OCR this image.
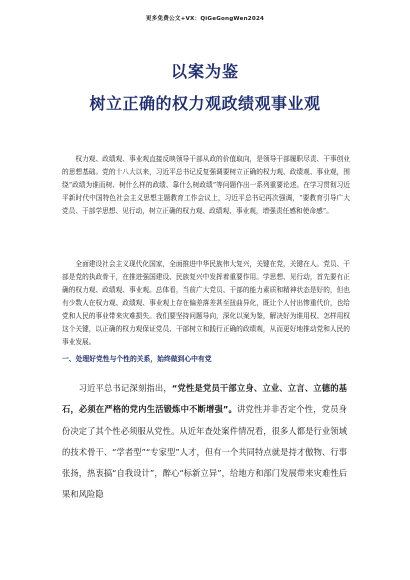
更多免费公文+VX：QiGeGongWen2024
以案为鉴
树立正确的权力观政绩观事业观

权力观、政绩观、事业观直接反映领导干部从政的价值取向，是领导干部履职尽责、干事创业的思想基础。党的十八大以来，习近平总书记反复强调要树立正确的权力观、政绩观、事业观，围绕“政绩为谁而树、树什么样的政绩、靠什么树政绩”等问题作出一系列重要论述。在学习贯彻习近平新时代中国特色社会主义思想主题教育工作会议上，习近平总书记再次强调，“要教育引导广大党员、干部学思想、见行动，树立正确的权力观、政绩观、事业观，增强责任感和使命感”。

全面建设社会主义现代化国家，全面推进中华民族伟大复兴，关键在党，关键在人。党员、干部是党的执政骨干，在推进强国建设、民族复兴中发挥着重要作用。学思想、见行动，首先要有正确的权力观、政绩观、事业观。总体看，当前广大党员、干部的能力素质和精神状态是好的，但也有少数人在权力观、政绩观、事业观上存在偏差落差甚至扭曲异化，既让个人付出惨重代价，也给党和人民的事业带来灾难损失。我们要坚持问题导向，深化以案为鉴，解决好为谁用权、怎样用权这个关键，以正确的权力观保证党员、干部树立和践行正确的政绩观，从而更好地推动党和人民的事业发展。

一、处理好党性与个性的关系，始终做到心中有党

习近平总书记深刻指出，“党性是党员干部立身、立业、立言、立德的基石，必须在严格的党内生活锻炼中不断增强”。讲党性并非否定个性，党员身份决定了其个性必须服从党性。从近年查处案件情况看，很多人都是行业领域的技术骨干、“学者型”“专家型”人才，但有一个共同特点就是持才傲物、行事张扬，热衷搞“自我设计”，醉心“标新立异”，给地方和部门发展带来灾难性后果和风险隐
